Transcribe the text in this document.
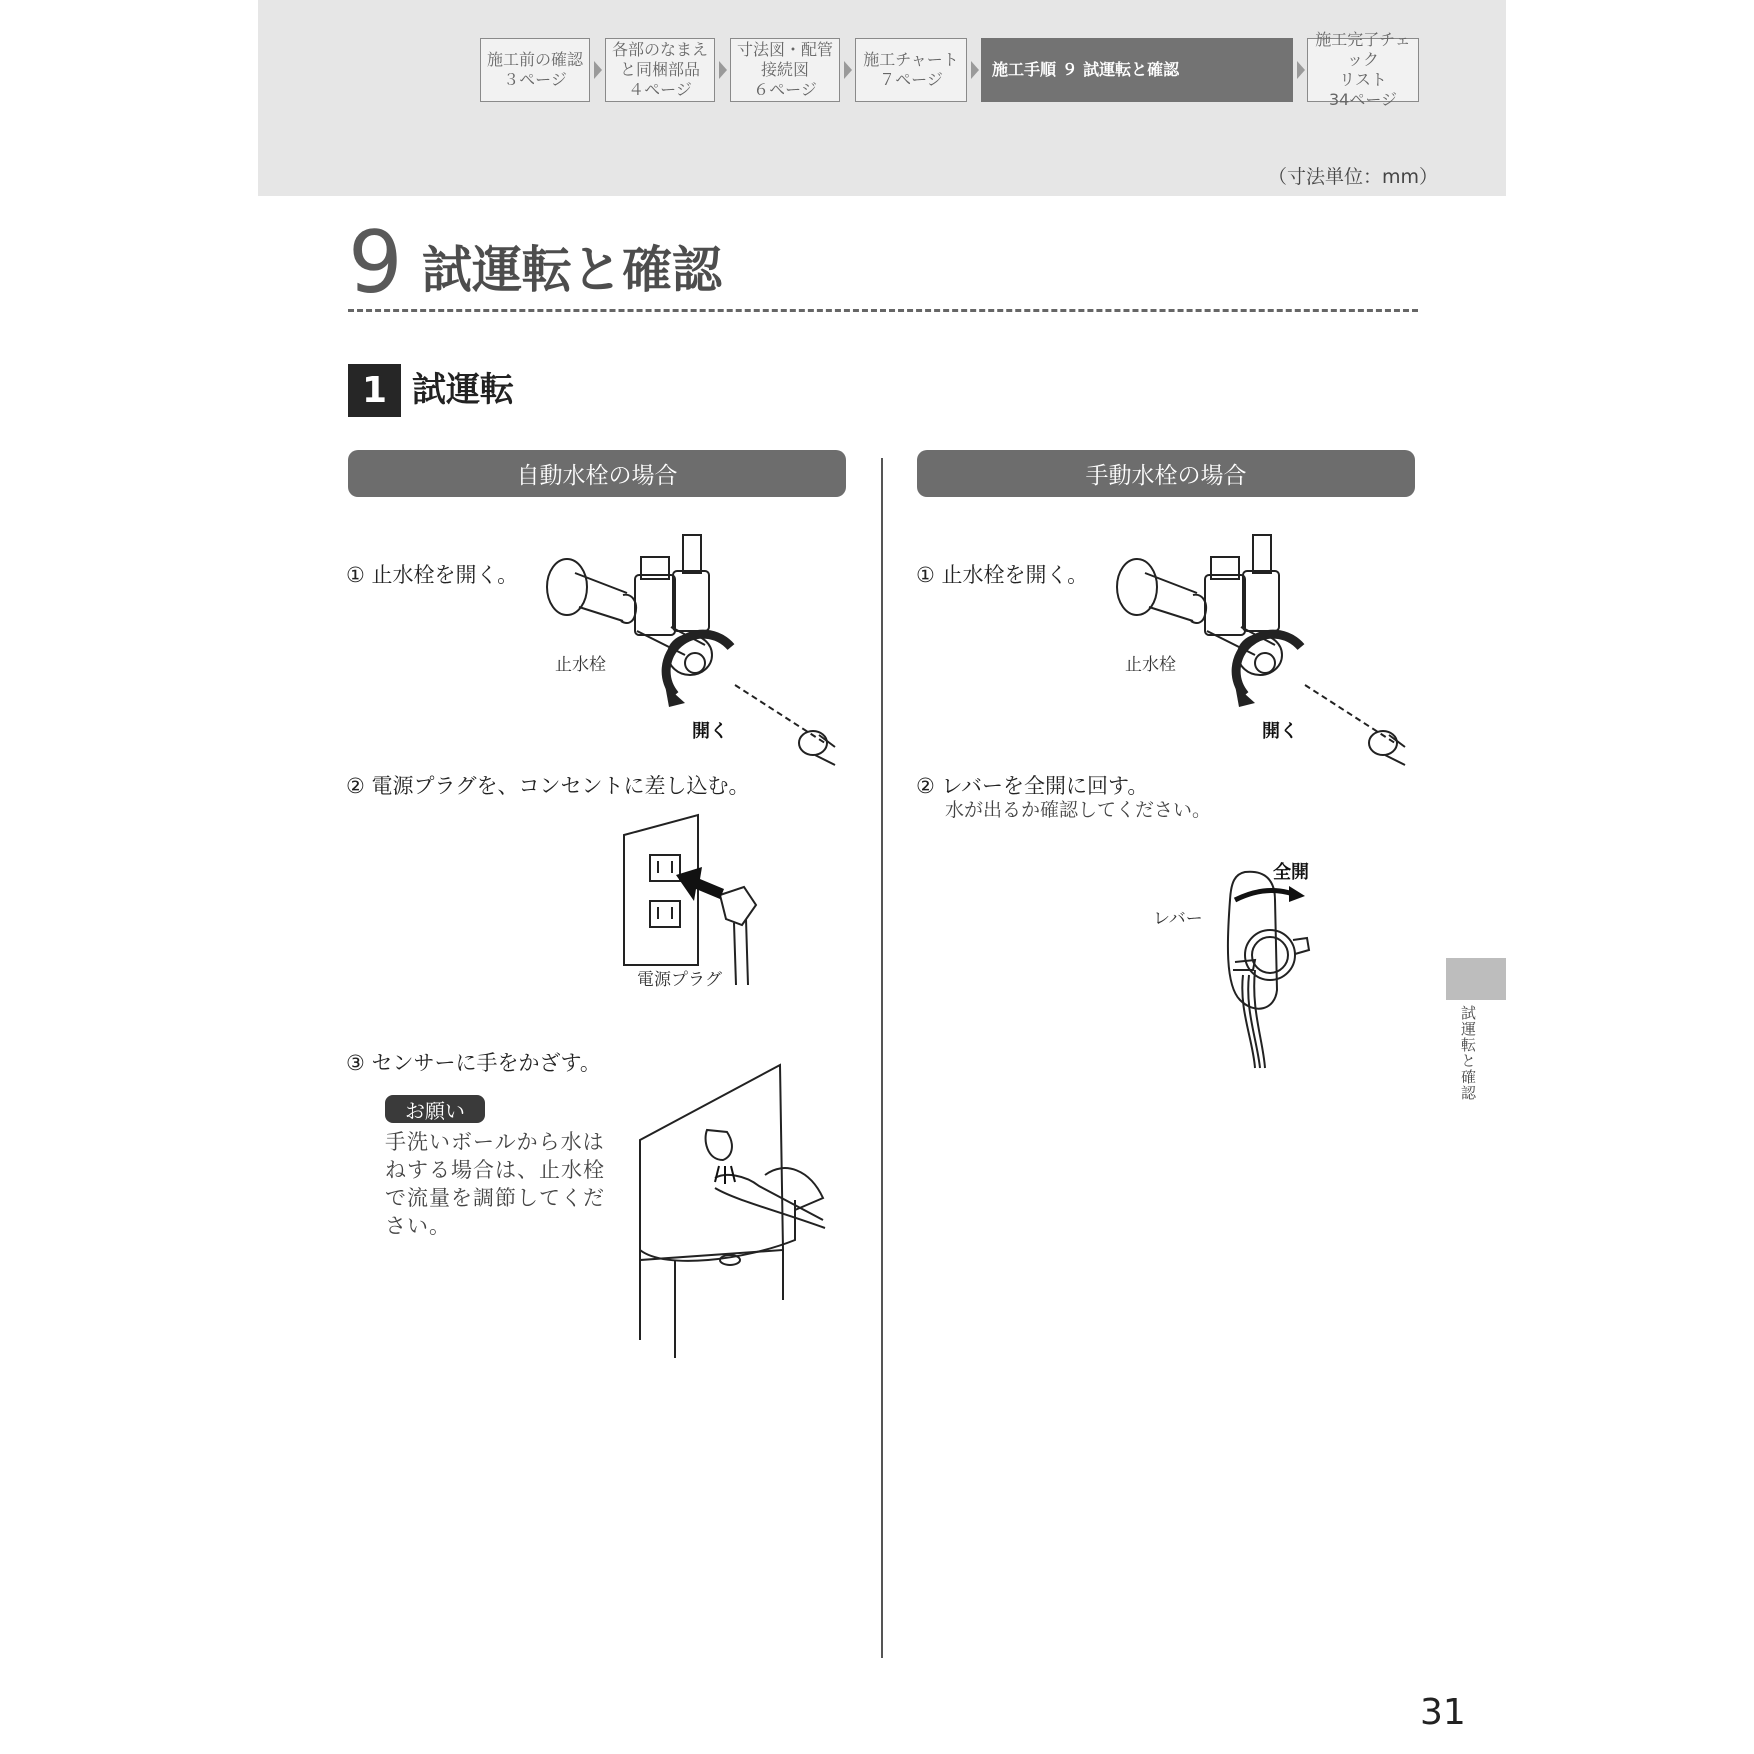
施工前の確認
３ページ
各部のなまえ
と同梱部品
４ページ
寸法図・配管
接続図
６ページ
施工チャート
７ページ
施工手順 ９ 試運転と確認
施工完了チェック
リスト
34ページ
（寸法単位：mm）
9 試運転と確認
1 試運転
自動水栓の場合	手動水栓の場合
① 止水栓を開く。
止水栓
開く
② 電源プラグを、コンセントに差し込む。
電源プラグ
③ センサーに手をかざす。
お願い
手洗いボールから水は
ねする場合は、止水栓
で流量を調節してくだ
さい。
① 止水栓を開く。
止水栓
開く
② レバーを全開に回す。
水が出るか確認してください。
全開
レバー
試運転と確認
31
